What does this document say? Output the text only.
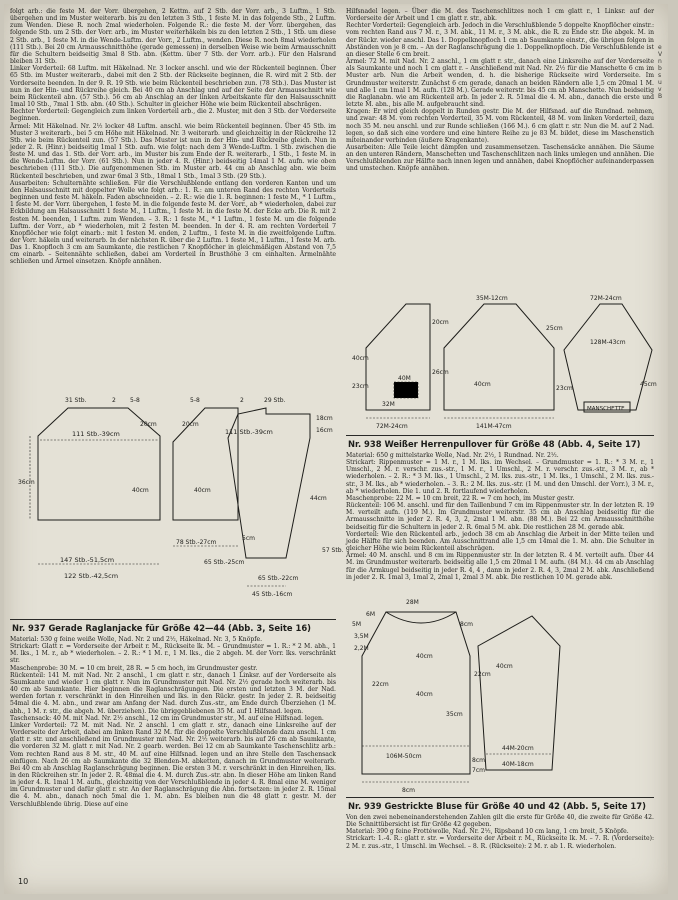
folgt arb.: die feste M. der Vorr. übergehen, 2 Kettm. auf 2 Stb. der Vorr. arb., 3 Luftm., 1 Stb. übergehen und im Muster weiterarb. bis zu den letzten 3 Stb., 1 feste M. in das folgende Stb., 2 Luftm. zum Wenden. Diese R. noch 2mal wiederholen. Folgende R.: die feste M. der Vorr. übergehen, das folgende Stb. um 2 Stb. der Vorr. arb., im Muster weiterhäkeln bis zu den letzten 2 Stb., 1 Stb. um diese 2 Stb. arb., 1 feste M. in die Wende-Luftm. der Vorr., 2 Luftm., wenden. Diese R. noch 8mal wiederholen (111 Stb.). Bei 20 cm Armausschnitthöhe (gerade gemessen) in derselben Weise wie beim Armausschnitt für die Schultern beidseitig 3mal 8 Stb. abn. (Kettm. über 7 Stb. der Vorr. arb.). Für den Halsrand bleiben 31 Stb.

Linker Vorderteil: 68 Luftm. mit Häkelnad. Nr. 3 locker anschl. und wie der Rückenteil beginnen. Über 65 Stb. im Muster weiterarb., dabei mit den 2 Stb. der Rückseite beginnen, die R. wird mit 2 Stb. der Vorderseite beenden. In der 9. R. 19 Stb. wie beim Rückenteil beschrieben zun. (78 Stb.). Das Muster ist nun in der Hin- und Rückreihe gleich. Bei 40 cm ab Anschlag und auf der Seite der Armausschnitt wie beim Rückenteil abn. (57 Stb.). 56 cm ab Anschlag an der linken Arbeitskante für den Halsausschnitt 1mal 10 Stb., 7mal 1 Stb. abn. (40 Stb.). Schulter in gleicher Höhe wie beim Rückenteil abschrägen.

Rechter Vorderteil: Gegengleich zum linken Vorderteil arb., die 2. Muster, mit den 3 Stb. der Vorderseite beginnen.

Ärmel: Mit Häkelnad. Nr. 2½ locker 48 Luftm. anschl. wie beim Rückenteil beginnen. Über 45 Stb. im Muster 3 weiterarb., bei 5 cm Höhe mit Häkelnad. Nr. 3 weiterarb. und gleichzeitig in der Rückreihe 12 Stb. wie beim Rückenteil zun. (57 Stb.). Das Muster ist nun in der Hin- und Rückreihe gleich. Nun in jeder 2. R. (Hinr.) beidseitig 1mal 1 Stb. aufn. wie folgt: nach dem 3 Wende-Luftm. 1 Stb. zwischen die feste M. und das 1. Stb. der Vorr. arb., im Muster bis zum Ende der R. weiterarb., 1 Stb., 1 feste M. in die Wende-Luftm. der Vorr. (61 Stb.). Nun in jeder 4. R. (Hinr.) beidseitig 14mal 1 M. aufn. wie oben beschrieben (111 Stb.). Die aufgenommenen Stb. im Muster arb. 44 cm ab Anschlag abn. wie beim Rückenteil beschrieben, und zwar 6mal 3 Stb., 18mal 1 Stb., 1mal 3 Stb. (29 Stb.).

Ausarbeiten: Schulternähte schließen. Für die Verschlußblende entlang den vorderen Kanten und um den Halsausschnitt mit doppelter Wolle wie folgt arb.: 1. R.: am unteren Rand des rechten Vorderteils beginnen und feste M. häkeln. Faden abschneiden. – 2. R.: wie die 1. R. beginnen: 1 feste M., * 1 Luftm., 1 feste M. der Vorr. übergehen, 1 feste M. in die folgende feste M. der Vorr., ab * wiederholen, dabei zur Eckbildung am Halsausschnitt 1 feste M., 1 Luftm., 1 feste M. in die feste M. der Ecke arb. Die R. mit 2 festen M. beenden, 1 Luftm. zum Wenden. – 3. R.: 1 feste M., * 1 Luftm., 1 feste M. um die folgende Luftm. der Vorr., ab * wiederholen, mit 2 festen M. beenden. In der 4. R. am rechten Vorderteil 7 Knopflöcher wie folgt einarb.: mit 1 festen M. enden, 2 Luftm., 1 feste M. in die zweitfolgende Luftm. der Vorr. häkeln und weiterarb. In der nächsten R. über die 2 Luftm. 1 feste M., 1 Luftm., 1 feste M. arb. Das 1. Knopfloch 3 cm am Saumkante, die restlichen 7 Knopflöcher in gleichmäßigen Abstand von 7,5 cm einarb. – Seitennähte schließen, dabei am Vorderteil in Brusthöhe 3 cm einhalten. Ärmelnähte schließen und Ärmel einsetzen. Knöpfe annähen.

31 Stb.	2 5-8	29 Stb.
5-8	2
111 Stb.-39cm	111 Stb.-39cm
20cm	20cm
18cm
16cm
36cm
40cm	40cm
44cm
5cm
147 Stb.-51,5cm
78 Stb.-27cm
65 Stb.-25cm
65 Stb.-22cm
122 Stb.-42,5cm
45 Stb.-16cm
57 Stb.
Nr. 937 Gerade Raglanjacke für Größe 42—44 (Abb. 3, Seite 16)

Material: 530 g feine weiße Wolle, Nad. Nr. 2 und 2½, Häkelnad. Nr. 3, 5 Knöpfe.

Strickart: Glatt r. = Vorderseite der Arbeit r. M., Rückseite lk. M. – Grundmuster = 1. R.: * 2 M. abh., 1 M. lks., 1 M. r., ab * wiederholen. – 2. R.: * 1 M. r., 1 M. lks., die 2 abgeh. M. der Vorr. lks. verschränkt str.

Maschenprobe: 30 M. = 10 cm breit, 28 R. = 5 cm hoch, im Grundmuster gestr.

Rückenteil: 141 M. mit Nad. Nr. 2 anschl., 1 cm glatt r. str., danach 1 Linksr. auf der Vorderseite als Saumkante und wieder 1 cm glatt r. Nun im Grundmuster mit Nad. Nr. 2½ gerade hoch weiterarb. bis 40 cm ab Saumkante. Hier beginnen die Raglanschrägungen. Die ersten und letzten 3 M. der Nad. werden fortan r. verschränkt in den Hinreihen und lks. in den Rückr. gestr. In jeder 2. R. beidseitig 54mal die 4. M. abn., und zwar am Anfang der Nad. durch Zus.-str., am Ende durch Überziehen (1 M. abh., 1 M. r. str., die abgeh. M. überziehen). Die übriggebliebenen 35 M. auf 1 Hilfsnad. legen.

Taschensack: 40 M. mit Nad. Nr. 2½ anschl., 12 cm im Grundmuster str., M. auf eine Hilfsnad. legen.

Linker Vorderteil: 72 M. mit Nad. Nr. 2 anschl. 1 cm glatt r. str., danach eine Linksreihe auf der Vorderseite der Arbeit, dabei am linken Rand 32 M. für die doppelte Verschlußblende dazu anschl. 1 cm glatt r. str. und anschließend im Grundmuster mit Nad. Nr. 2½ weiterarb. bis auf 26 cm ab Saumkante, die vorderen 32 M. glatt r. mit Nad. Nr. 2 gearb. werden. Bei 12 cm ab Saumkante Taschenschlitz arb.: Vom rechten Rand aus 8 M. str., 40 M. auf eine Hilfsnad. legen und an ihre Stelle den Taschensack einfügen. Nach 26 cm ab Saumkante die 32 Blenden-M. abketten, danach im Grundmuster weiterarb. Bei 40 cm ab Anschlag Raglanschrägung beginnen. Die ersten 3 M. r. verschränkt in den Hinreihen, lks. in den Rückreihen str. In jeder 2. R. 48mal die 4. M. durch Zus.-str. abn. In dieser Höhe am linken Rand in jeder 4. R. 1mal 1 M. aufn., gleichzeitig von der Verschlußblende in jeder 4. R. 8mal eine M. weniger im Grundmuster und dafür glatt r. str. An der Raglanschrägung die Abn. fortsetzen: in jeder 2. R. 15mal die 4. M. abn., danach noch 5mal die 1. M. abn. Es bleiben nun die 48 glatt r. gestr. M. der Verschlußblende übrig. Diese auf eine

10

Hilfsnadel legen. – Über die M. des Taschenschlitzes noch 1 cm glatt r., 1 Linksr. auf der Vorderseite der Arbeit und 1 cm glatt r. str., abk.

Rechter Vorderteil: Gegengleich arb. Jedoch in die Verschlußblende 5 doppelte Knopflöcher einstr.: vom rechten Rand aus 7 M. r., 3 M. abk., 11 M. r., 3 M. abk., die R. zu Ende str. Die abgek. M. in der Rückr. wieder anschl. Das 1. Doppelknopfloch 1 cm ab Saumkante einstr., die übrigen folgen in Abständen von je 8 cm. – An der Raglanschrägung die 1. Doppelknopfloch. Die Verschlußblende ist an dieser Stelle 6 cm breit.

Ärmel: 72 M. mit Nad. Nr. 2 anschl., 1 cm glatt r. str., danach eine Linksreihe auf der Vorderseite als Saumkante und noch 1 cm glatt r. – Anschließend mit Nad. Nr. 2½ für die Manschette 6 cm im Muster arb. Nun die Arbeit wenden, d. h. die bisherige Rückseite wird Vorderseite. Im Grundmuster weiterstr. Zunächst 6 cm gerade, danach an beiden Rändern alle 1,5 cm 20mal 1 M. und alle 1 cm 1mal 1 M. aufn. (128 M.). Gerade weiterstr. bis 45 cm ab Manschette. Nun beidseitig die Raglanabn. wie am Rückenteil arb. In jeder 2. R. 51mal die 4. M. abn., danach die erste und letzte M. abn., bis alle M. aufgebraucht sind.

Kragen: Er wird gleich doppelt in Runden gestr. Die M. der Hilfsnad. auf die Rundnad. nehmen, und zwar: 48 M. vom rechten Vorderteil, 35 M. vom Rückenteil, 48 M. vom linken Vorderteil, dazu noch 35 M. neu anschl. und zur Runde schließen (166 M.). 6 cm glatt r. str. Nun die M. auf 2 Nad. legen, so daß sich eine vordere und eine hintere Reihe zu je 83 M. bildet, diese im Maschenstich miteinander verbinden (äußere Kragenkante).

Ausarbeiten: Alle Teile leicht dämpfen und zusammensetzen. Taschensäcke annähen. Die Säume an den unteren Rändern, Manschetten und Taschenschlitzen nach links umlegen und annähen. Die Verschlußblenden zur Hälfte nach innen legen und annähen, dabei Knopflöcher aufeinanderpassen und umstechen. Knöpfe annähen.

23cm
40cm
32M
72M-24cm
40M
26cm
20cm
35M-12cm
25cm
23cm
40cm
141M-47cm
128M-43cm
72M-24cm
45cm
MANSCHETTE
Nr. 938 Weißer Herrenpullover für Größe 48 (Abb. 4, Seite 17)

Material: 650 g mittelstarke Wolle, Nad. Nr. 2½, 1 Rundnad. Nr. 2½.

Strickart: Rippenmuster = 1 M. r., 1 M. lks. im Wechsel. – Grundmuster = 1. R.: * 3 M. r., 1 Umschl., 2 M. r. verschr. zus.-str., 1 M. r., 1 Umschl., 2 M. r. verschr. zus.-str., 3 M. r., ab * wiederholen. – 2. R.: * 3 M. lks., 1 Umschl., 2 M. lks. zus.-str., 1 M. lks., 1 Umschl., 2 M. lks. zus.-str., 3 M. lks., ab * wiederholen. – 3. R.: 2 M. lks. zus.-str. (1 M. und den Umschl. der Vorr.), 3 M. r., ab * wiederholen. Die 1. und 2. R. fortlaufend wiederholen.

Maschenprobe: 22 M. = 10 cm breit, 22 R. = 7 cm hoch, im Muster gestr.

Rückenteil: 106 M. anschl. und für den Taillenbund 7 cm im Rippenmuster str. In der letzten R. 19 M. verteilt aufn. (119 M.). Im Grundmuster weiterstr. 35 cm ab Anschlag beidseitig für die Armausschnitte in jeder 2. R. 4, 3, 2, 2mal 1 M. abn. (88 M.). Bei 22 cm Armausschnitthöhe beidseitig für die Schultern in jeder 2. R. 6mal 5 M. abk. Die restlichen 28 M. gerade abk.

Vorderteil: Wie den Rückenteil arb., jedoch 38 cm ab Anschlag die Arbeit in der Mitte teilen und jede Hälfte für sich beenden. Am Ausschnittrand alle 1,5 cm 14mal die 1. M. abn. Die Schulter in gleicher Höhe wie beim Rückenteil abschrägen.

Ärmel: 40 M. anschl. und 8 cm im Rippenmuster str. In der letzten R. 4 M. verteilt aufn. Über 44 M. im Grundmuster weiterarb. beidseitig alle 1,5 cm 20mal 1 M. aufn. (84 M.). 44 cm ab Anschlag für die Armkugel beidseitig in jeder R. 4, 4 , dann in jeder 2. R. 4, 3, 2mal 2 M. abk. Anschließend in jeder 2. R. 1mal 3, 1mal 2, 2mal 1, 2mal 3 M. abk. Die restlichen 10 M. gerade abk.

28M
6M
5M
3,5M
2,2M
8cm
40cm
40cm
22cm
40cm
22cm
35cm
106M-50cm
8cm
7cm
44M-20cm
40M-18cm
8cm
Nr. 939 Gestrickte Bluse für Größe 40 und 42 (Abb. 5, Seite 17)

Von den zwei nebeneinanderstehenden Zahlen gilt die erste für Größe 40, die zweite für Größe 42. Die Schnittübersicht ist für Größe 42 gegeben.

Material: 390 g feine Frottéwolle, Nad. Nr. 2½, Ripsband 10 cm lang, 1 cm breit, 5 Knöpfe.

Strickart: 1.-4. R.: glatt r. str. = Vorderseite der Arbeit r. M., Rückseite lk. M. – 7. R. (Vorderseite): 2 M. r. zus.-str., 1 Umschl. im Wechsel. – 8. R. (Rückseite): 2 M. r. ab 1. R. wiederholen.

e
V
n
b
s
u
v
B
